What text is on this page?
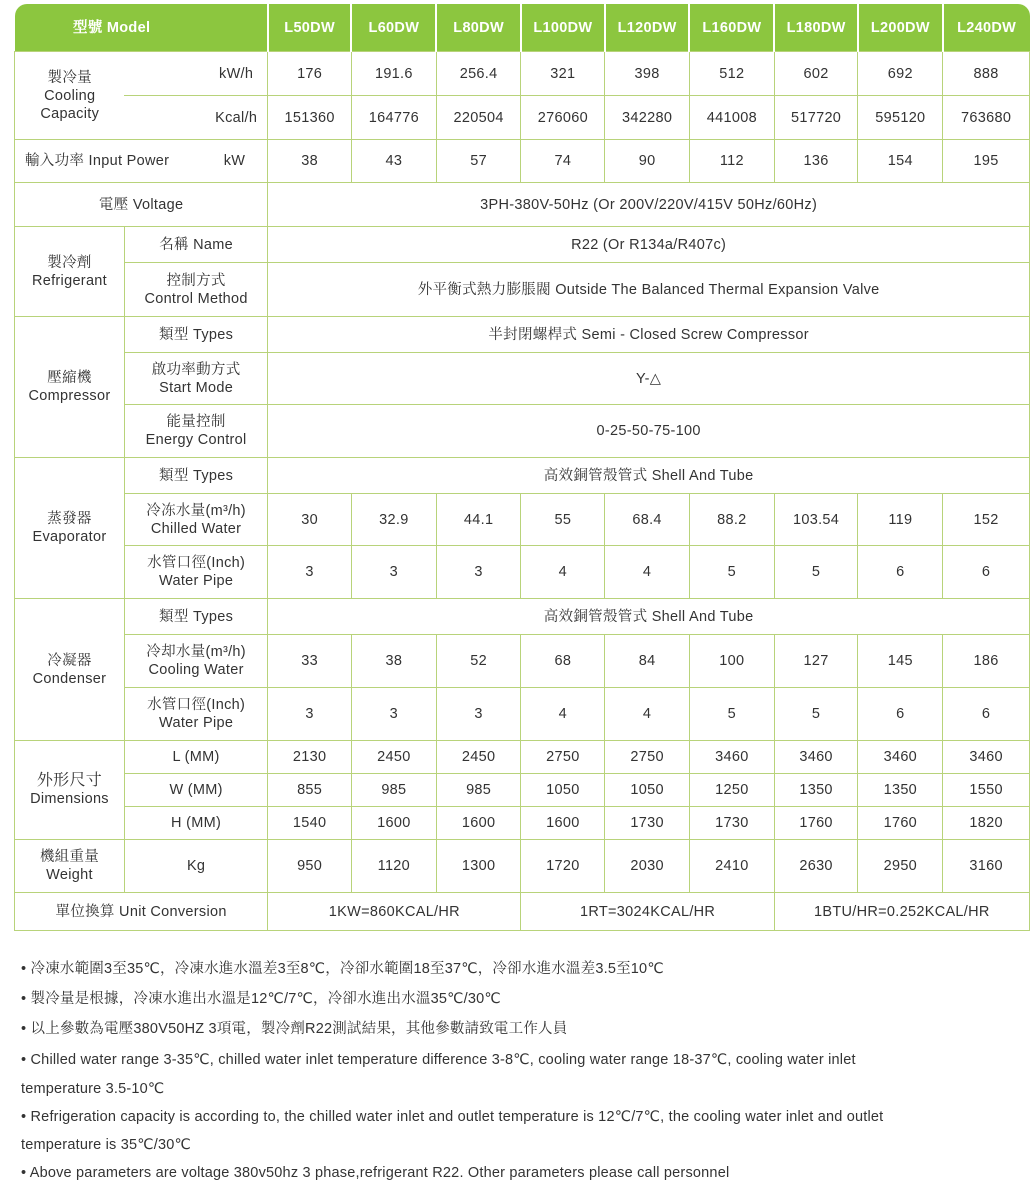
型號 Model		L50DW	L60DW	L80DW	L100DW	L120DW	L160DW	L180DW	L200DW	L240DW

製冷量
Cooling Capacity	kW/h	176	191.6	256.4	321	398	512	602	692	888
	Kcal/h	151360	164776	220504	276060	342280	441008	517720	595120	763680
輸入功率 Input Power	kW	38	43	57	74	90	112	136	154	195
電壓 Voltage		3PH-380V-50Hz (Or 200V/220V/415V 50Hz/60Hz)								

製冷劑
Refrigerant	名稱 Name	R22 (Or R134a/R407c)								

	控制方式
Control Method	外平衡式熱力膨脹閥 Outside The Balanced Thermal Expansion Valve								

壓縮機
Compressor	類型 Types	半封閉螺桿式 Semi - Closed Screw Compressor								

	啟功率動方式
Start Mode	Y-△								

	能量控制
Energy Control	0-25-50-75-100								

蒸發器
Evaporator	類型 Types	高效銅管殼管式 Shell And Tube								

	冷冻水量(m³/h)
Chilled Water	30	32.9	44.1	55	68.4	88.2	103.54	119	152

	水管口徑(Inch)
Water Pipe	3	3	3	4	4	5	5	6	6

冷凝器
Condenser	類型 Types	高效銅管殼管式 Shell And Tube								

	冷却水量(m³/h)
Cooling Water	33	38	52	68	84	100	127	145	186

	水管口徑(Inch)
Water Pipe	3	3	3	4	4	5	5	6	6

外形尺寸
Dimensions	L (MM)	2130	2450	2450	2750	2750	3460	3460	3460	3460
	W (MM)	855	985	985	1050	1050	1250	1350	1350	1550
	H (MM)	1540	1600	1600	1600	1730	1730	1760	1760	1820

機組重量
Weight	Kg	950	1120	1300	1720	2030	2410	2630	2950	3160
單位換算 Unit Conversion		1KW=860KCAL/HR			1RT=3024KCAL/HR			1BTU/HR=0.252KCAL/HR		
• 冷凍水範圍3至35℃，冷凍水進水溫差3至8℃，冷卻水範圍18至37℃，冷卻水進水溫差3.5至10℃
• 製冷量是根據，冷凍水進出水溫是12℃/7℃，冷卻水進出水溫35℃/30℃
• 以上參數為電壓380V50HZ 3項電，製冷劑R22測試結果，其他參數請致電工作人員
• Chilled water range 3-35℃, chilled water inlet temperature difference 3-8℃, cooling water range 18-37℃, cooling water inlet
temperature 3.5-10℃
• Refrigeration capacity is according to, the chilled water inlet and outlet temperature is 12℃/7℃, the cooling water inlet and outlet
temperature is 35℃/30℃
• Above parameters are voltage 380v50hz 3 phase,refrigerant R22. Other parameters please call personnel
